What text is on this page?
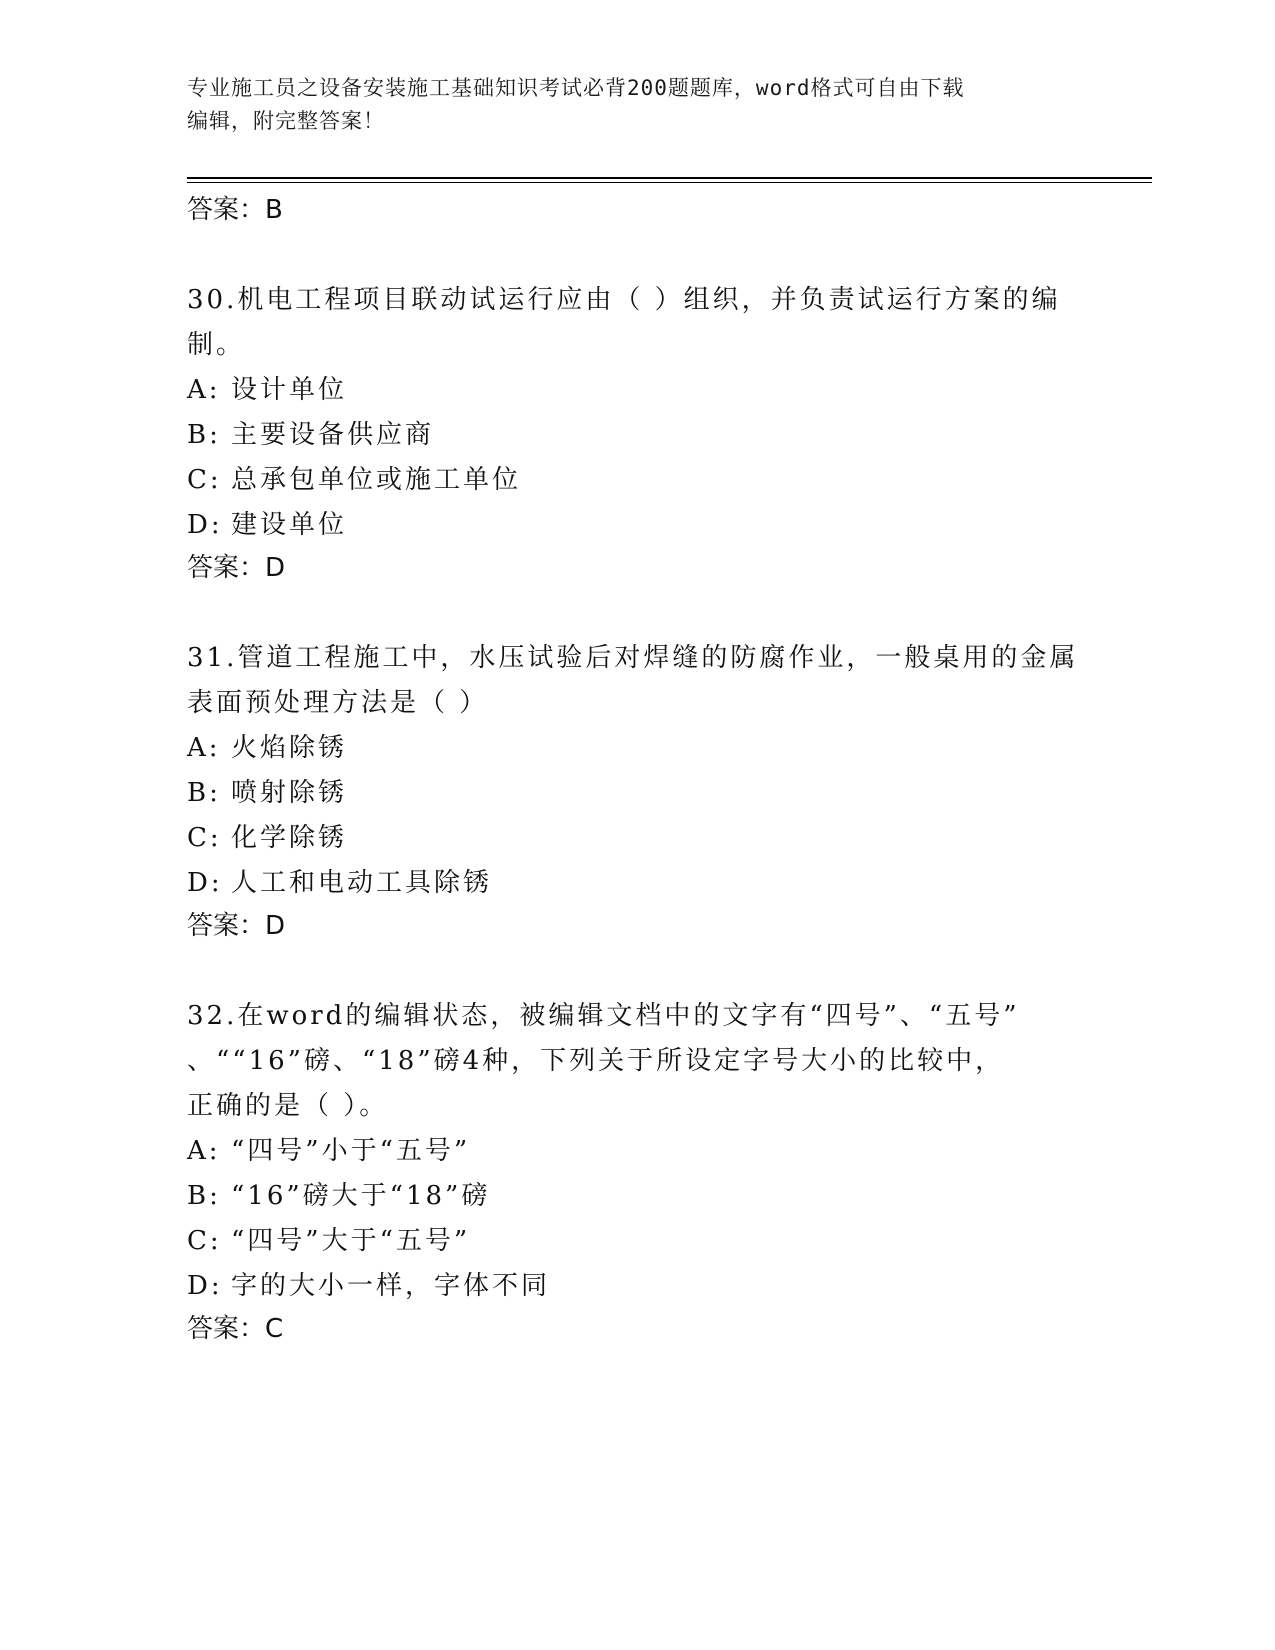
专业施工员之设备安装施工基础知识考试必背200题题库，word格式可自由下载
编辑，附完整答案！
答案：B
30.机电工程项目联动试运行应由（ ）组织，并负责试运行方案的编
制。
A: 设计单位
B: 主要设备供应商
C: 总承包单位或施工单位
D: 建设单位
答案：D
31.管道工程施工中，水压试验后对焊缝的防腐作业，一般桌用的金属
表面预处理方法是（ ）
A: 火焰除锈
B: 喷射除锈
C: 化学除锈
D: 人工和电动工具除锈
答案：D
32.在word的编辑状态，被编辑文档中的文字有“四号”、“五号”
、““16”磅、“18”磅4种，下列关于所设定字号大小的比较中，
正确的是（ ）。
A: “四号”小于“五号”
B: “16”磅大于“18”磅
C: “四号”大于“五号”
D: 字的大小一样，字体不同
答案：C
